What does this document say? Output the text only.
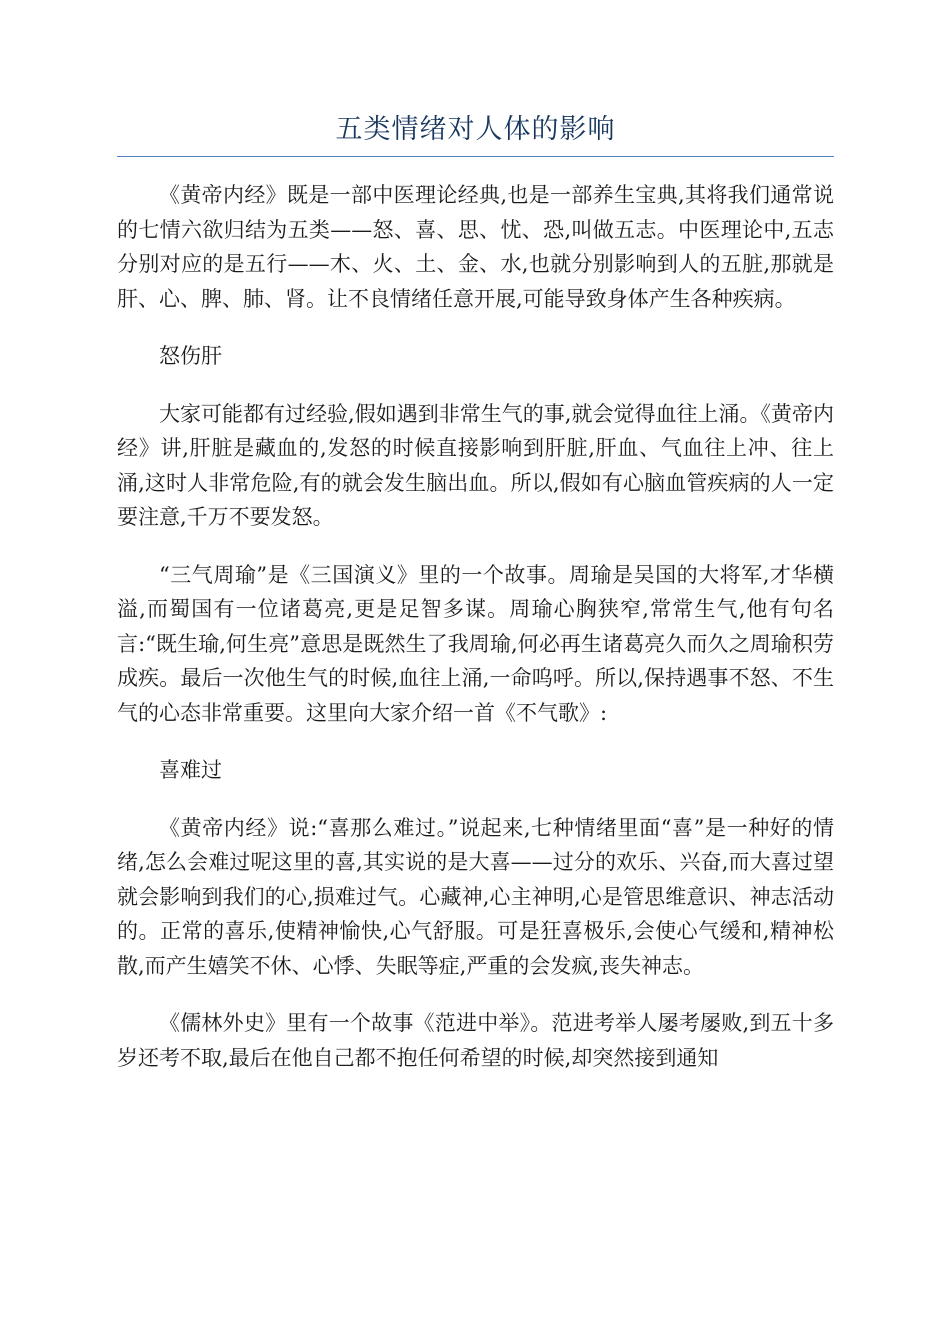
五类情绪对人体的影响

《黄帝内经》既是一部中医理论经典,也是一部养生宝典,其将我们通常说的七情六欲归结为五类——怒、喜、思、忧、恐,叫做五志。中医理论中,五志分别对应的是五行——木、火、土、金、水,也就分别影响到人的五脏,那就是肝、心、脾、肺、肾。让不良情绪任意开展,可能导致身体产生各种疾病。

怒伤肝

大家可能都有过经验,假如遇到非常生气的事,就会觉得血往上涌。《黄帝内经》讲,肝脏是藏血的,发怒的时候直接影响到肝脏,肝血、气血往上冲、往上涌,这时人非常危险,有的就会发生脑出血。所以,假如有心脑血管疾病的人一定要注意,千万不要发怒。

“三气周瑜”是《三国演义》里的一个故事。周瑜是吴国的大将军,才华横溢,而蜀国有一位诸葛亮,更是足智多谋。周瑜心胸狭窄,常常生气,他有句名言:“既生瑜,何生亮”意思是既然生了我周瑜,何必再生诸葛亮久而久之周瑜积劳成疾。最后一次他生气的时候,血往上涌,一命呜呼。所以,保持遇事不怒、不生气的心态非常重要。这里向大家介绍一首《不气歌》:

喜难过

《黄帝内经》说:“喜那么难过。”说起来,七种情绪里面“喜”是一种好的情绪,怎么会难过呢这里的喜,其实说的是大喜——过分的欢乐、兴奋,而大喜过望就会影响到我们的心,损难过气。心藏神,心主神明,心是管思维意识、神志活动的。正常的喜乐,使精神愉快,心气舒服。可是狂喜极乐,会使心气缓和,精神松散,而产生嬉笑不休、心悸、失眠等症,严重的会发疯,丧失神志。

《儒林外史》里有一个故事《范进中举》。范进考举人屡考屡败,到五十多岁还考不取,最后在他自己都不抱任何希望的时候,却突然接到通知
